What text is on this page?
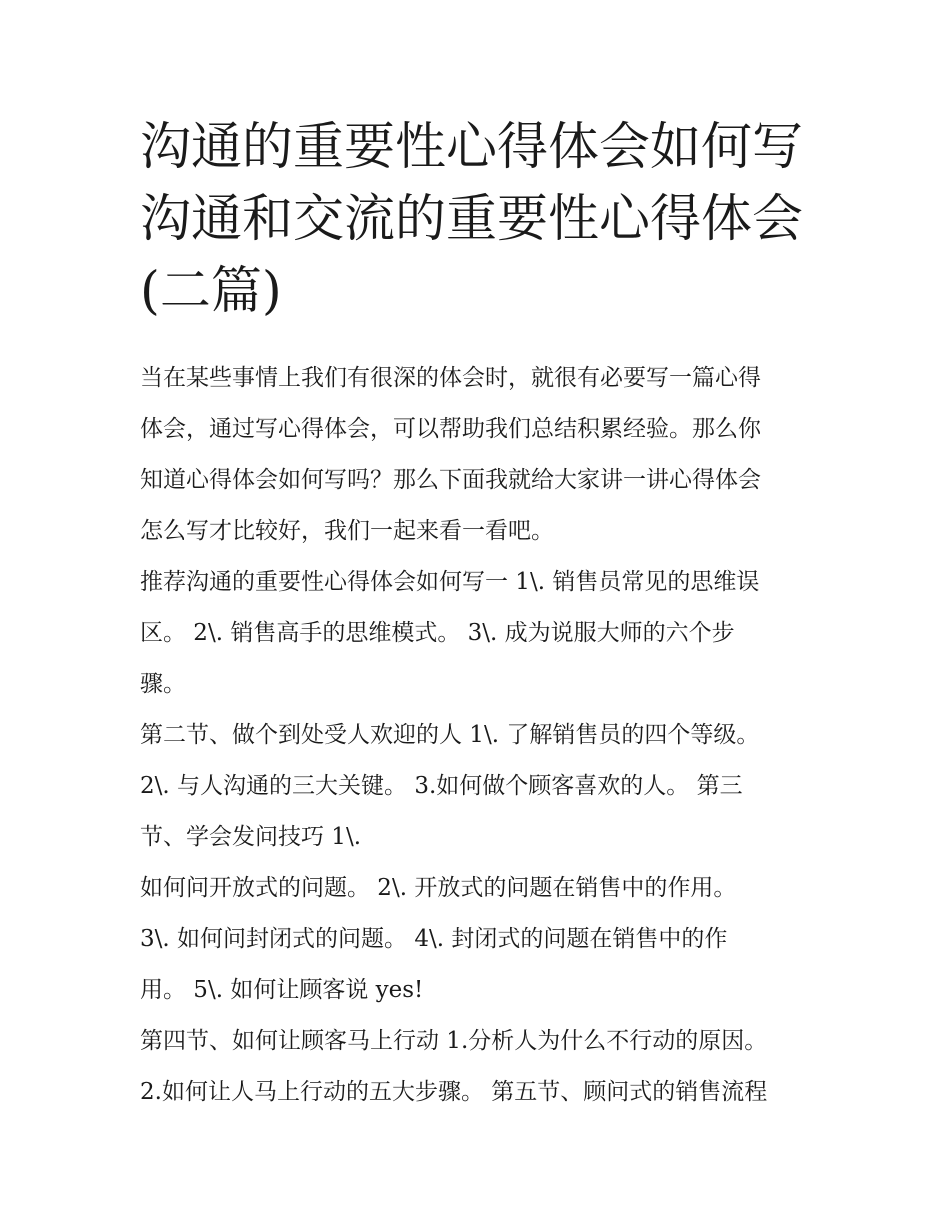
沟通的重要性心得体会如何写
沟通和交流的重要性心得体会
(二篇)

当在某些事情上我们有很深的体会时，就很有必要写一篇心得
体会，通过写心得体会，可以帮助我们总结积累经验。那么你
知道心得体会如何写吗？那么下面我就给大家讲一讲心得体会
怎么写才比较好，我们一起来看一看吧。

推荐沟通的重要性心得体会如何写一 1\. 销售员常见的思维误
区。 2\. 销售高手的思维模式。 3\. 成为说服大师的六个步
骤。

第二节、做个到处受人欢迎的人 1\. 了解销售员的四个等级。
2\. 与人沟通的三大关键。 3.如何做个顾客喜欢的人。 第三
节、学会发问技巧 1\.

如何问开放式的问题。 2\. 开放式的问题在销售中的作用。
3\. 如何问封闭式的问题。 4\. 封闭式的问题在销售中的作
用。 5\. 如何让顾客说 yes!

第四节、如何让顾客马上行动 1.分析人为什么不行动的原因。
2.如何让人马上行动的五大步骤。 第五节、顾问式的销售流程
